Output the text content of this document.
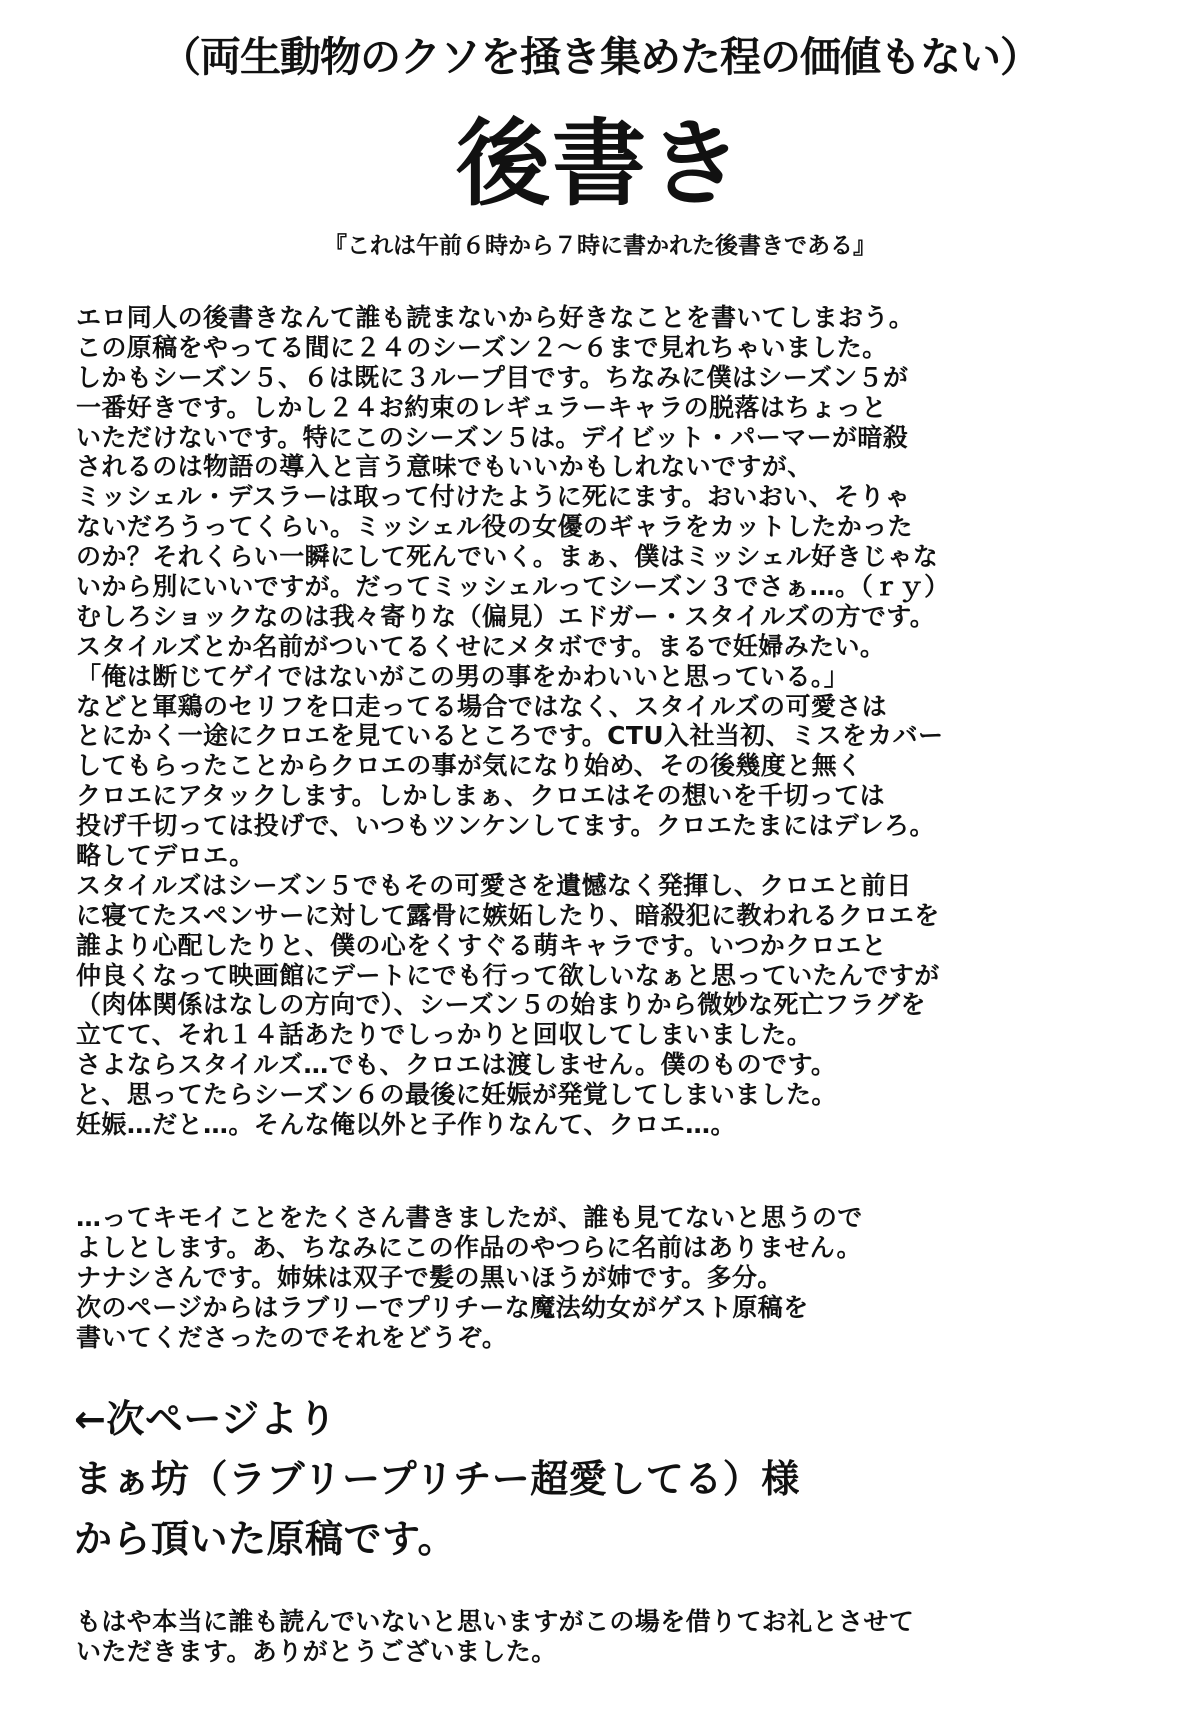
（両生動物のクソを掻き集めた程の価値もない）
後書き
『これは午前６時から７時に書かれた後書きである』
エロ同人の後書きなんて誰も読まないから好きなことを書いてしまおう。
この原稿をやってる間に２４のシーズン２～６まで見れちゃいました。
しかもシーズン５、６は既に３ループ目です。ちなみに僕はシーズン５が
一番好きです。しかし２４お約束のレギュラーキャラの脱落はちょっと
いただけないです。特にこのシーズン５は。デイビット・パーマーが暗殺
されるのは物語の導入と言う意味でもいいかもしれないですが、
ミッシェル・デスラーは取って付けたように死にます。おいおい、そりゃ
ないだろうってくらい。ミッシェル役の女優のギャラをカットしたかった
のか？それくらい一瞬にして死んでいく。まぁ、僕はミッシェル好きじゃな
いから別にいいですが。だってミッシェルってシーズン３でさぁ…。（ｒｙ）
むしろショックなのは我々寄りな（偏見）エドガー・スタイルズの方です。
スタイルズとか名前がついてるくせにメタボです。まるで妊婦みたい。
「俺は断じてゲイではないがこの男の事をかわいいと思っている。」
などと軍鶏のセリフを口走ってる場合ではなく、スタイルズの可愛さは
とにかく一途にクロエを見ているところです。CTU入社当初、ミスをカバー
してもらったことからクロエの事が気になり始め、その後幾度と無く
クロエにアタックします。しかしまぁ、クロエはその想いを千切っては
投げ千切っては投げで、いつもツンケンしてます。クロエたまにはデレろ。
略してデロエ。
スタイルズはシーズン５でもその可愛さを遺憾なく発揮し、クロエと前日
に寝てたスペンサーに対して露骨に嫉妬したり、暗殺犯に教われるクロエを
誰より心配したりと、僕の心をくすぐる萌キャラです。いつかクロエと
仲良くなって映画館にデートにでも行って欲しいなぁと思っていたんですが
（肉体関係はなしの方向で）、シーズン５の始まりから微妙な死亡フラグを
立てて、それ１４話あたりでしっかりと回収してしまいました。
さよならスタイルズ…でも、クロエは渡しません。僕のものです。
と、思ってたらシーズン６の最後に妊娠が発覚してしまいました。
妊娠…だと…。そんな俺以外と子作りなんて、クロエ…。
…ってキモイことをたくさん書きましたが、誰も見てないと思うので
よしとします。あ、ちなみにこの作品のやつらに名前はありません。
ナナシさんです。姉妹は双子で髪の黒いほうが姉です。多分。
次のページからはラブリーでプリチーな魔法幼女がゲスト原稿を
書いてくださったのでそれをどうぞ。
←次ページより
まぁ坊（ラブリープリチー超愛してる）様
から頂いた原稿です。
もはや本当に誰も読んでいないと思いますがこの場を借りてお礼とさせて
いただきます。ありがとうございました。
